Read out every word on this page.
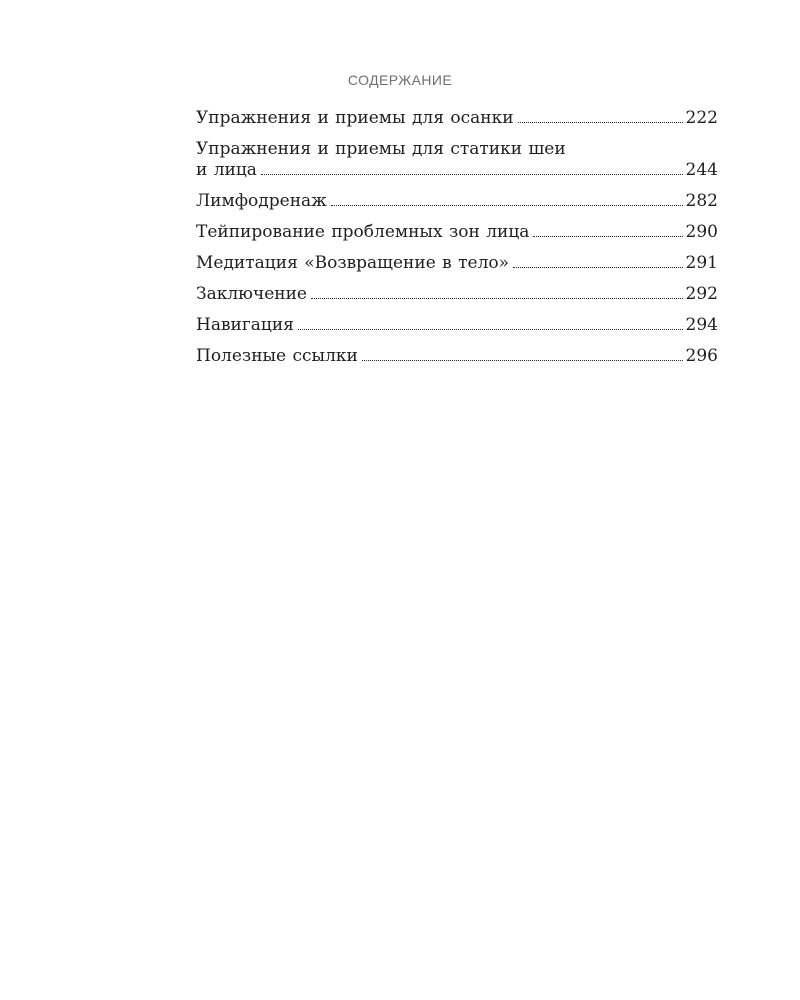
СОДЕРЖАНИЕ
Упражнения и приемы для осанки	222
Упражнения и приемы для статики шеи
и лица	244
Лимфодренаж	282
Тейпирование проблемных зон лица	290
Медитация «Возвращение в тело»	291
Заключение	292
Навигация	294
Полезные ссылки	296
